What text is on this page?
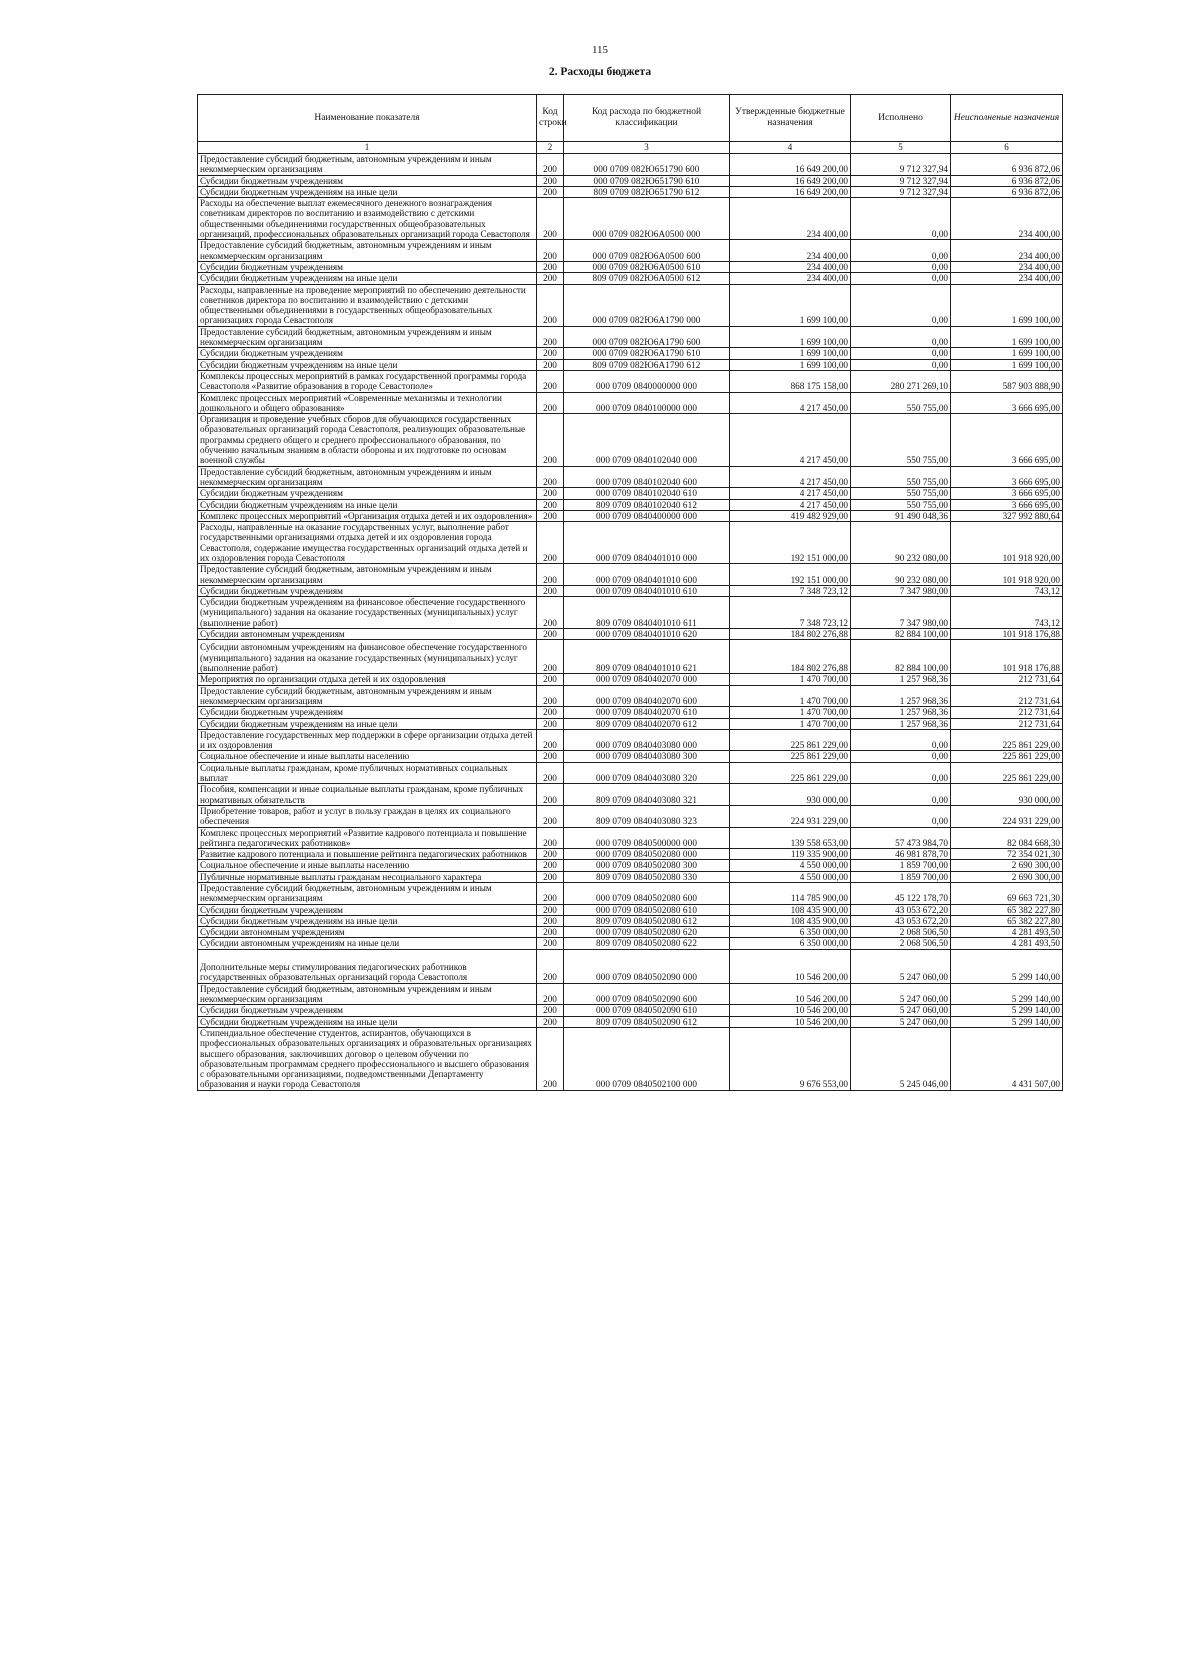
115
2. Расходы бюджета
Наименование показателя	Код строки	Код расхода по бюджетной классификации	Утвержденные бюджетные назначения	Исполнено	Неисполненые назначения
1	2	3	4	5	6
Предоставление субсидий бюджетным, автономным учреждениям и иным некоммерческим организациям	200	000 0709 082Ю651790 600	16 649 200,00	9 712 327,94	6 936 872,06
Субсидии бюджетным учреждениям	200	000 0709 082Ю651790 610	16 649 200,00	9 712 327,94	6 936 872,06
Субсидии бюджетным учреждениям на иные цели	200	809 0709 082Ю651790 612	16 649 200,00	9 712 327,94	6 936 872,06
Расходы на обеспечение выплат ежемесячного денежного вознаграждения советникам директоров по воспитанию и взаимодействию с детскими общественными объединениями государственных общеобразовательных организаций, профессиональных образовательных организаций города Севастополя	200	000 0709 082Ю6А0500 000	234 400,00	0,00	234 400,00
Предоставление субсидий бюджетным, автономным учреждениям и иным некоммерческим организациям	200	000 0709 082Ю6А0500 600	234 400,00	0,00	234 400,00
Субсидии бюджетным учреждениям	200	000 0709 082Ю6А0500 610	234 400,00	0,00	234 400,00
Субсидии бюджетным учреждениям на иные цели	200	809 0709 082Ю6А0500 612	234 400,00	0,00	234 400,00
Расходы, направленные на проведение мероприятий по обеспечению деятельности советников директора по воспитанию и взаимодействию с детскими общественными объединениями в государственных общеобразовательных организациях города Севастополя	200	000 0709 082Ю6А1790 000	1 699 100,00	0,00	1 699 100,00
Предоставление субсидий бюджетным, автономным учреждениям и иным некоммерческим организациям	200	000 0709 082Ю6А1790 600	1 699 100,00	0,00	1 699 100,00
Субсидии бюджетным учреждениям	200	000 0709 082Ю6А1790 610	1 699 100,00	0,00	1 699 100,00
Субсидии бюджетным учреждениям на иные цели	200	809 0709 082Ю6А1790 612	1 699 100,00	0,00	1 699 100,00
Комплексы процессных мероприятий в рамках государственной программы города Севастополя «Развитие образования в городе Севастополе»	200	000 0709 0840000000 000	868 175 158,00	280 271 269,10	587 903 888,90
Комплекс процессных мероприятий «Современные механизмы и технологии дошкольного и общего образования»	200	000 0709 0840100000 000	4 217 450,00	550 755,00	3 666 695,00
Организация и проведение учебных сборов для обучающихся государственных образовательных организаций города Севастополя, реализующих образовательные программы среднего общего и среднего профессионального образования, по обучению начальным знаниям в области обороны и их подготовке по основам военной службы	200	000 0709 0840102040 000	4 217 450,00	550 755,00	3 666 695,00
Предоставление субсидий бюджетным, автономным учреждениям и иным некоммерческим организациям	200	000 0709 0840102040 600	4 217 450,00	550 755,00	3 666 695,00
Субсидии бюджетным учреждениям	200	000 0709 0840102040 610	4 217 450,00	550 755,00	3 666 695,00
Субсидии бюджетным учреждениям на иные цели	200	809 0709 0840102040 612	4 217 450,00	550 755,00	3 666 695,00
Комплекс процессных мероприятий «Организация отдыха детей и их оздоровления»	200	000 0709 0840400000 000	419 482 929,00	91 490 048,36	327 992 880,64
Расходы, направленные на оказание государственных услуг, выполнение работ государственными организациями отдыха детей и их оздоровления города Севастополя, содержание имущества государственных организаций отдыха детей и их оздоровления города Севастополя	200	000 0709 0840401010 000	192 151 000,00	90 232 080,00	101 918 920,00
Предоставление субсидий бюджетным, автономным учреждениям и иным некоммерческим организациям	200	000 0709 0840401010 600	192 151 000,00	90 232 080,00	101 918 920,00
Субсидии бюджетным учреждениям	200	000 0709 0840401010 610	7 348 723,12	7 347 980,00	743,12
Субсидии бюджетным учреждениям на финансовое обеспечение государственного (муниципального) задания на оказание государственных (муниципальных) услуг (выполнение работ)	200	809 0709 0840401010 611	7 348 723,12	7 347 980,00	743,12
Субсидии автономным учреждениям	200	000 0709 0840401010 620	184 802 276,88	82 884 100,00	101 918 176,88
Субсидии автономным учреждениям на финансовое обеспечение государственного (муниципального) задания на оказание государственных (муниципальных) услуг (выполнение работ)	200	809 0709 0840401010 621	184 802 276,88	82 884 100,00	101 918 176,88
Мероприятия по организации отдыха детей и их оздоровления	200	000 0709 0840402070 000	1 470 700,00	1 257 968,36	212 731,64
Предоставление субсидий бюджетным, автономным учреждениям и иным некоммерческим организациям	200	000 0709 0840402070 600	1 470 700,00	1 257 968,36	212 731,64
Субсидии бюджетным учреждениям	200	000 0709 0840402070 610	1 470 700,00	1 257 968,36	212 731,64
Субсидии бюджетным учреждениям на иные цели	200	809 0709 0840402070 612	1 470 700,00	1 257 968,36	212 731,64
Предоставление государственных мер поддержки в сфере организации отдыха детей и их оздоровления	200	000 0709 0840403080 000	225 861 229,00	0,00	225 861 229,00
Социальное обеспечение и иные выплаты населению	200	000 0709 0840403080 300	225 861 229,00	0,00	225 861 229,00
Социальные выплаты гражданам, кроме публичных нормативных социальных выплат	200	000 0709 0840403080 320	225 861 229,00	0,00	225 861 229,00
Пособия, компенсации и иные социальные выплаты гражданам, кроме публичных нормативных обязательств	200	809 0709 0840403080 321	930 000,00	0,00	930 000,00
Приобретение товаров, работ и услуг в пользу граждан в целях их социального обеспечения	200	809 0709 0840403080 323	224 931 229,00	0,00	224 931 229,00
Комплекс процессных мероприятий «Развитие кадрового потенциала и повышение рейтинга педагогических работников»	200	000 0709 0840500000 000	139 558 653,00	57 473 984,70	82 084 668,30
Развитие кадрового потенциала и повышение рейтинга педагогических работников	200	000 0709 0840502080 000	119 335 900,00	46 981 878,70	72 354 021,30
Социальное обеспечение и иные выплаты населению	200	000 0709 0840502080 300	4 550 000,00	1 859 700,00	2 690 300,00
Публичные нормативные выплаты гражданам несоциального характера	200	809 0709 0840502080 330	4 550 000,00	1 859 700,00	2 690 300,00
Предоставление субсидий бюджетным, автономным учреждениям и иным некоммерческим организациям	200	000 0709 0840502080 600	114 785 900,00	45 122 178,70	69 663 721,30
Субсидии бюджетным учреждениям	200	000 0709 0840502080 610	108 435 900,00	43 053 672,20	65 382 227,80
Субсидии бюджетным учреждениям на иные цели	200	809 0709 0840502080 612	108 435 900,00	43 053 672,20	65 382 227,80
Субсидии автономным учреждениям	200	000 0709 0840502080 620	6 350 000,00	2 068 506,50	4 281 493,50
Субсидии автономным учреждениям на иные цели	200	809 0709 0840502080 622	6 350 000,00	2 068 506,50	4 281 493,50
Дополнительные меры стимулирования педагогических работников государственных образовательных организаций города Севастополя	200	000 0709 0840502090 000	10 546 200,00	5 247 060,00	5 299 140,00
Предоставление субсидий бюджетным, автономным учреждениям и иным некоммерческим организациям	200	000 0709 0840502090 600	10 546 200,00	5 247 060,00	5 299 140,00
Субсидии бюджетным учреждениям	200	000 0709 0840502090 610	10 546 200,00	5 247 060,00	5 299 140,00
Субсидии бюджетным учреждениям на иные цели	200	809 0709 0840502090 612	10 546 200,00	5 247 060,00	5 299 140,00
Стипендиальное обеспечение студентов, аспирантов, обучающихся в профессиональных образовательных организациях и образовательных организациях высшего образования, заключивших договор о целевом обучении по образовательным программам среднего профессионального и высшего образования с образовательными организациями, подведомственными Департаменту образования и науки города Севастополя	200	000 0709 0840502100 000	9 676 553,00	5 245 046,00	4 431 507,00
